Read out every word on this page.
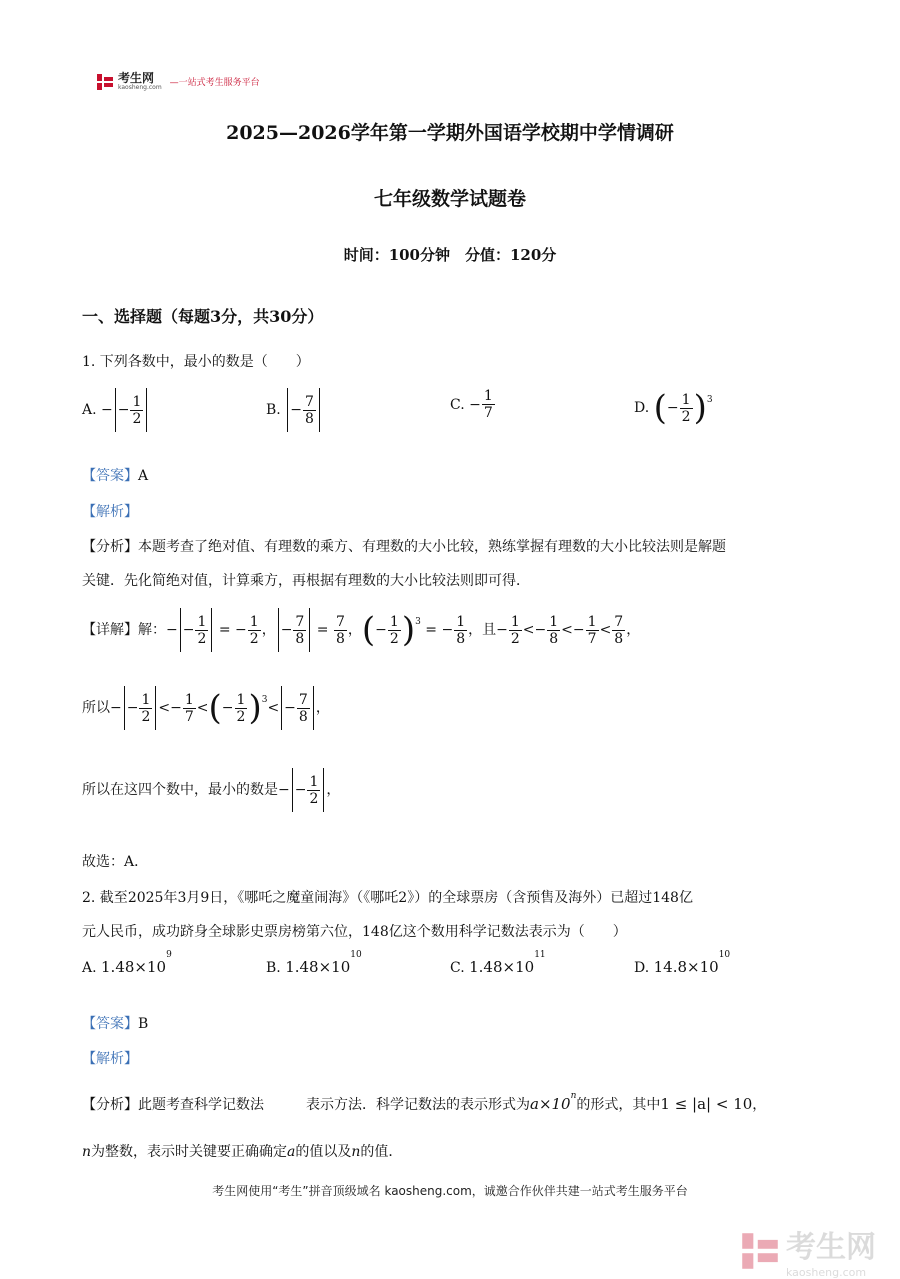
考生网
kaosheng.com —一站式考生服务平台
2025—2026学年第一学期外国语学校期中学情调研
七年级数学试题卷
时间：100分钟　分值：120分
一、选择题（每题3分，共30分）
1. 下列各数中，最小的数是（　　）
A. − − $\frac{1}{2}$	B.
− $\frac{7}{8}$	C. − $\frac{1}{7}$	D.
( − $\frac{1}{2}$ ) 3
【答案】A
【解析】
【分析】本题考查了绝对值、有理数的乘方、有理数的大小比较，熟练掌握有理数的大小比较法则是解题
关键．先化简绝对值，计算乘方，再根据有理数的大小比较法则即可得．
【详解】解： − − $\frac{1}{2}$ = − $\frac{1}{2}$ ，
− $\frac{7}{8} = \frac{7}{8}$ ， ( − $\frac{1}{2}$ ) 3 = − $\frac{1}{8}$ ， 且 − $\frac{1}{2} <- \frac{1}{8} <- \frac{1}{7} < \frac{7}{8}$ ，
所以 − − $\frac{1}{2} <- \frac{1}{7}$ < ( − $\frac{1}{2}$ ) 3 < − $\frac{7}{8}$ ，
所以在这四个数中，最小的数是 − − $\frac{1}{2}$ ，
故选：A．
2. 截至2025年3月9日，《哪吒之魔童闹海》（《哪吒2》）的全球票房（含预售及海外）已超过148亿
元人民币，成功跻身全球影史票房榜第六位，148亿这个数用科学记数法表示为（　　）
A. $1.48\times 10^9$
B. $1.48\times 10^{10}$
C. $1.48\times 10^{11}$
D. $14.8\times 10^{10}$
【答案】B
【解析】
【分析】此题考查科学记数法　　　表示方法．科学记数法的表示形式为$a\times 10^n$的形式，其中1 ≤ |a| < 10，
n为整数，表示时关键要正确确定a的值以及n的值．
考生网使用“考生”拼音顶级域名 kaosheng.com，诚邀合作伙伴共建一站式考生服务平台
考生网
kaosheng.com
